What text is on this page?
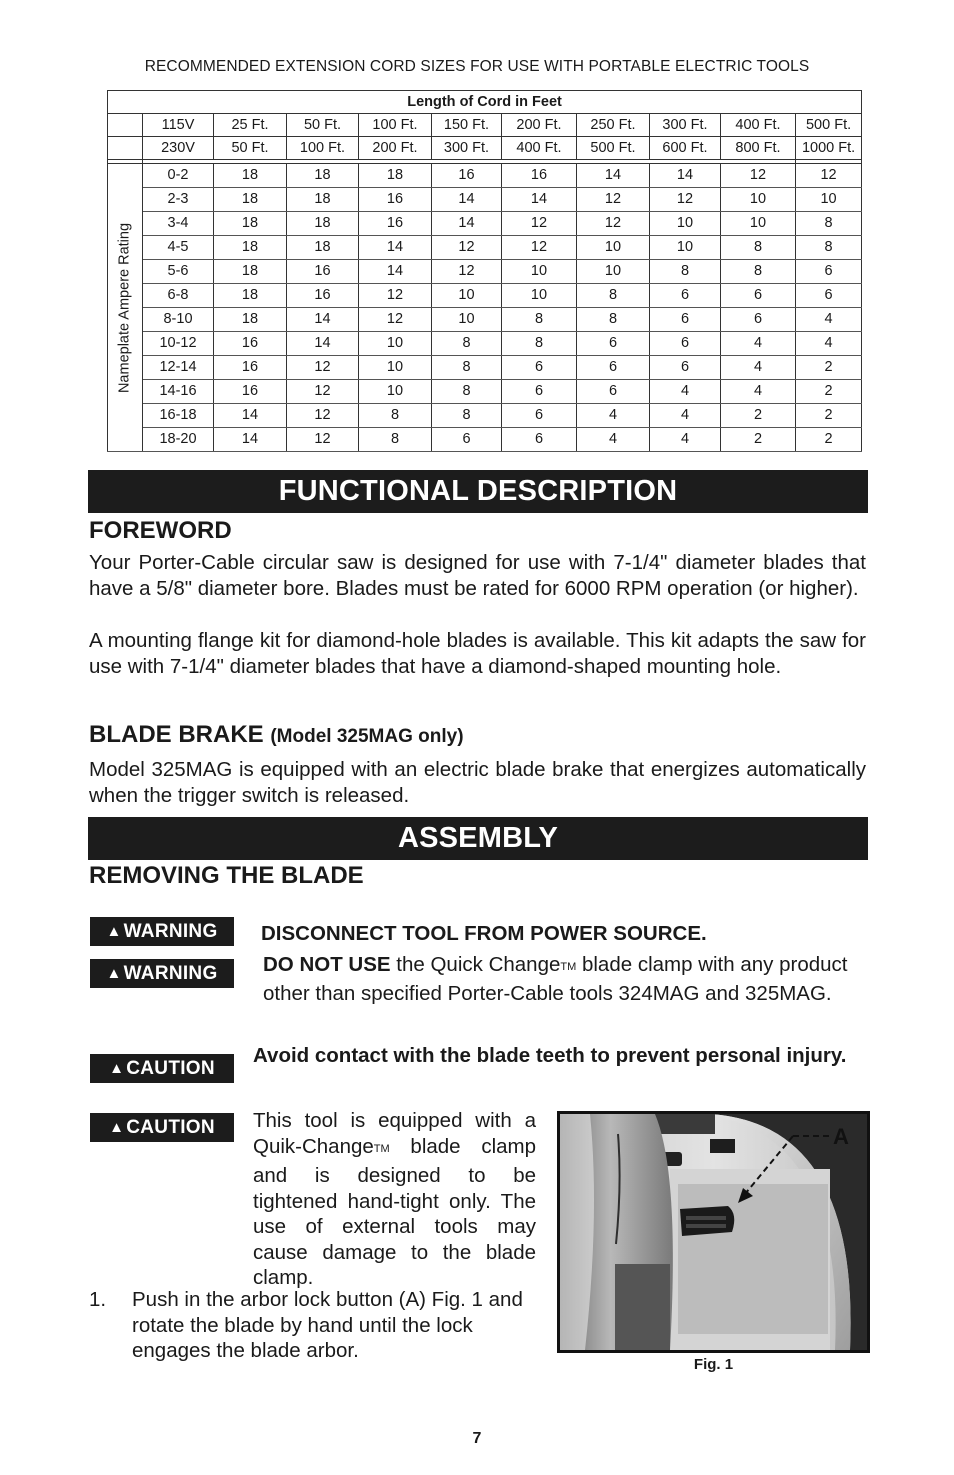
RECOMMENDED EXTENSION CORD SIZES FOR USE WITH PORTABLE ELECTRIC TOOLS
Length of Cord in Feet										
	115V	25 Ft.	50 Ft.	100 Ft.	150 Ft.	200 Ft.	250 Ft.	300 Ft.	400 Ft.	500 Ft.
	230V	50 Ft.	100 Ft.	200 Ft.	300 Ft.	400 Ft.	500 Ft.	600 Ft.	800 Ft.	1000 Ft.

Nameplate Ampere Rating	0-2	18	18	18	16	16	14	14	12	12
	2-3	18	18	16	14	14	12	12	10	10
	3-4	18	18	16	14	12	12	10	10	8
	4-5	18	18	14	12	12	10	10	8	8
	5-6	18	16	14	12	10	10	8	8	6
	6-8	18	16	12	10	10	8	6	6	6
	8-10	18	14	12	10	8	8	6	6	4
	10-12	16	14	10	8	8	6	6	4	4
	12-14	16	12	10	8	6	6	6	4	2
	14-16	16	12	10	8	6	6	4	4	2
	16-18	14	12	8	8	6	4	4	2	2
	18-20	14	12	8	6	6	4	4	2	2
FUNCTIONAL DESCRIPTION
FOREWORD
Your Porter-Cable circular saw is designed for use with 7-1/4" diameter blades that have a 5/8" diameter bore. Blades must be rated for 6000 RPM operation (or higher).
A mounting flange kit for diamond-hole blades is available. This kit adapts the saw for use with 7-1/4" diameter blades that have a diamond-shaped mounting hole.
BLADE BRAKE (Model 325MAG only)
Model 325MAG is equipped with an electric blade brake that energizes automatically when the trigger switch is released.
ASSEMBLY
REMOVING THE BLADE
▲ WARNING	DISCONNECT TOOL FROM POWER SOURCE.
▲ WARNING	DO NOT USE the Quick ChangeTM blade clamp with any product other than specified Porter-Cable tools 324MAG and 325MAG.
▲ CAUTION
Avoid contact with the blade teeth to prevent personal injury.
▲ CAUTION	This tool is equipped with a Quik-ChangeTM blade clamp and is designed to be tightened hand-tight only. The use of external tools may cause damage to the blade clamp.
1. Push in the arbor lock button (A) Fig. 1 and rotate the blade by hand until the lock engages the blade arbor.
A
Fig. 1
7
